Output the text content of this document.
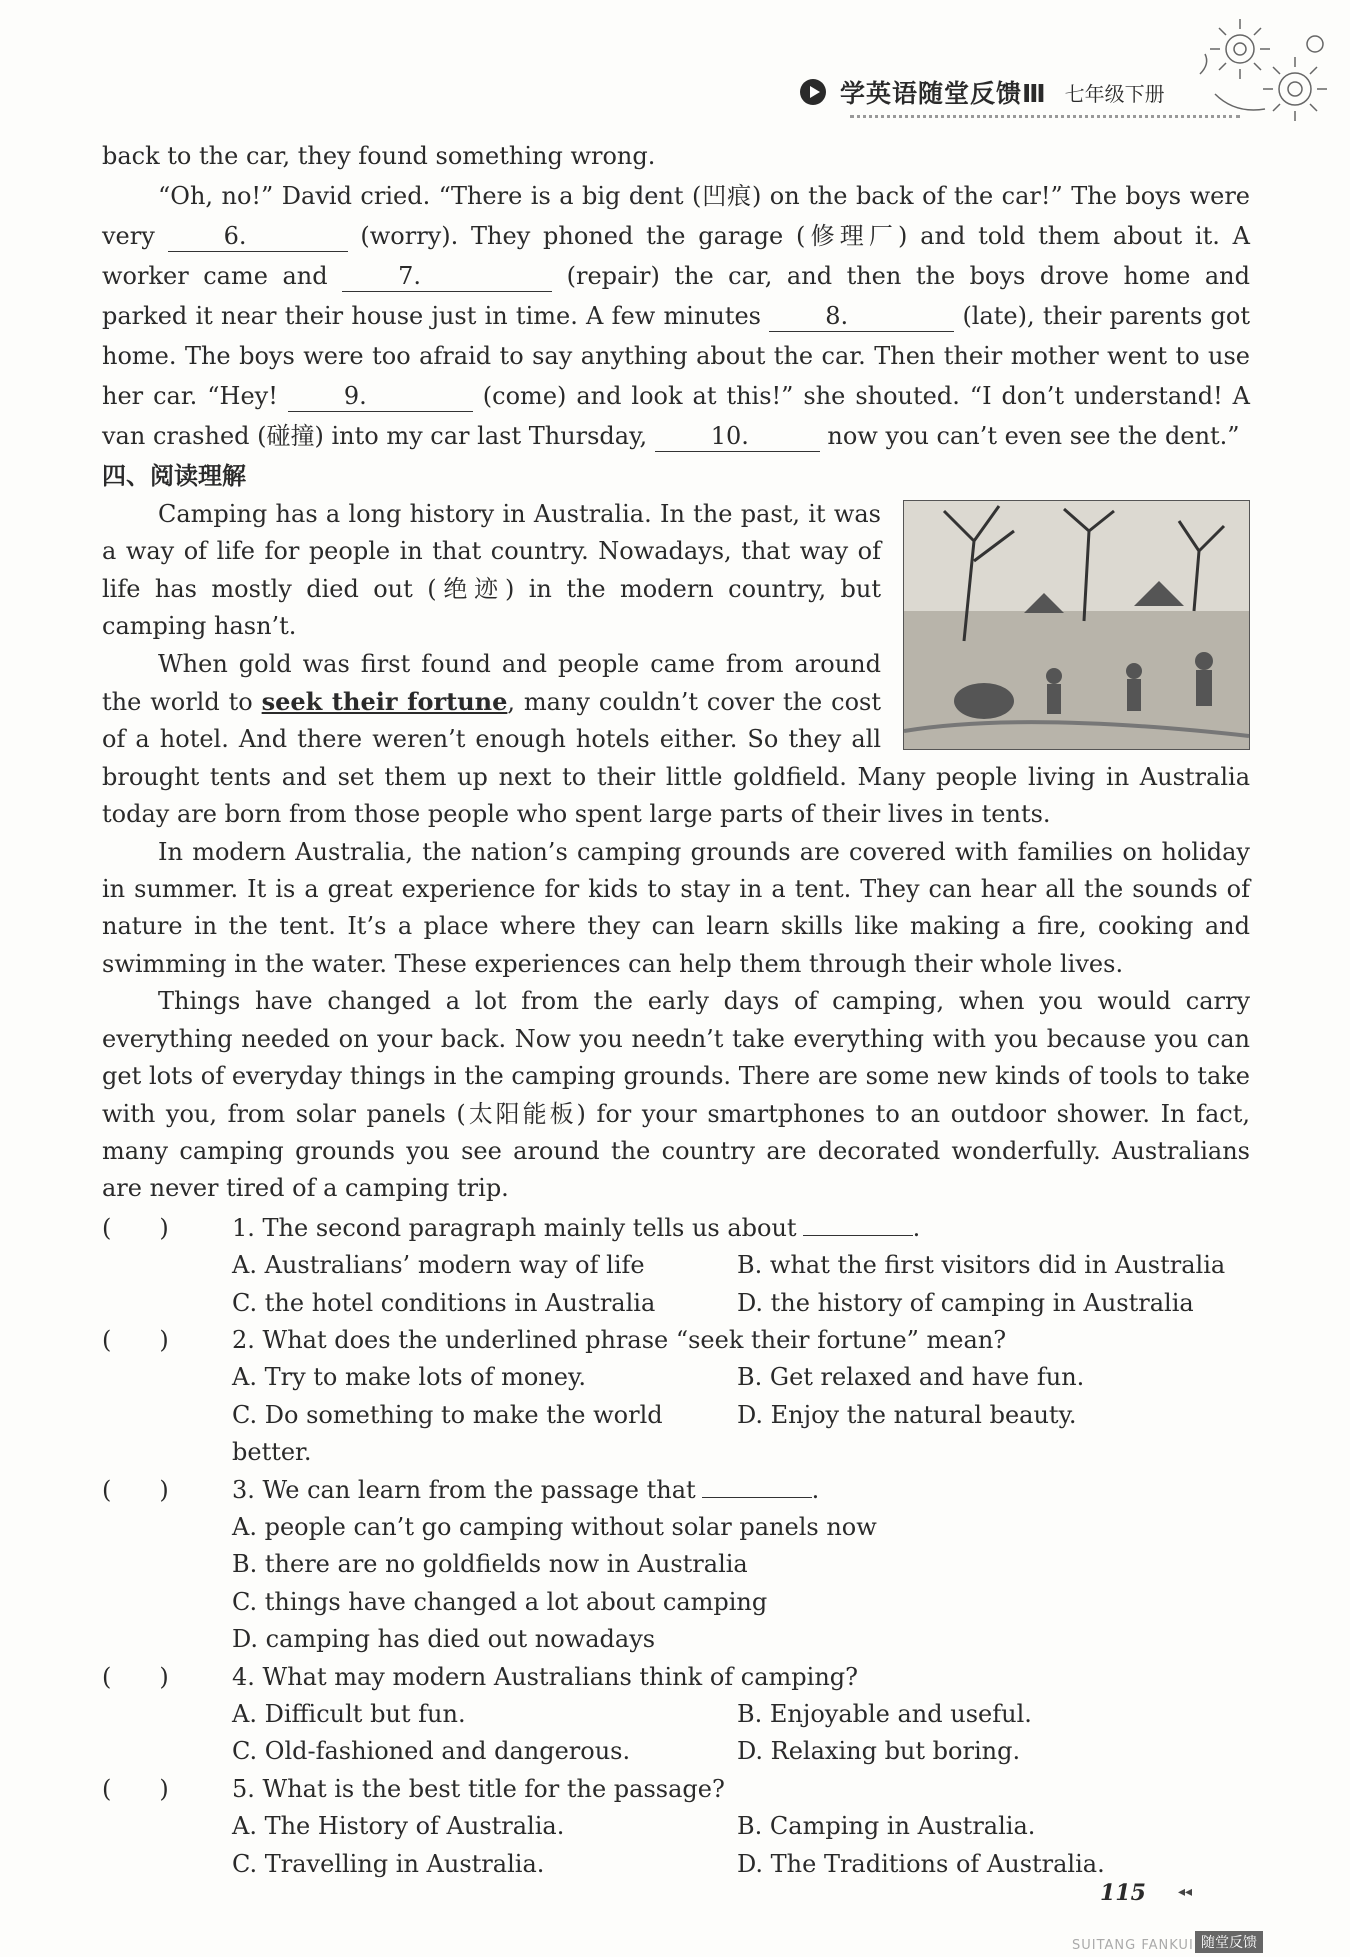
学英语随堂反馈Ⅲ 七年级下册

back to the car, they found something wrong.

“Oh, no!” David cried. “There is a big dent (凹痕) on the back of the car!” The boys were very 6.	(worry). They phoned the garage (修理厂) and told them about it. A worker came and 7.	(repair) the car, and then the boys drove home and parked it near their house just in time. A few minutes 8.	(late), their parents got home. The boys were too afraid to say anything about the car. Then their mother went to use her car. “Hey! 9.	(come) and look at this!” she shouted. “I don’t understand! A van crashed (碰撞) into my car last Thursday, 10.	now you can’t even see the dent.”

四、阅读理解

Camping has a long history in Australia. In the past, it was a way of life for people in that country. Nowadays, that way of life has mostly died out (绝迹) in the modern country, but camping hasn’t.

When gold was first found and people came from around the world to seek their fortune, many couldn’t cover the cost of a hotel. And there weren’t enough hotels either. So they all brought tents and set them up next to their little goldfield. Many people living in Australia today are born from those people who spent large parts of their lives in tents.

In modern Australia, the nation’s camping grounds are covered with families on holiday in summer. It is a great experience for kids to stay in a tent. They can hear all the sounds of nature in the tent. It’s a place where they can learn skills like making a fire, cooking and swimming in the water. These experiences can help them through their whole lives.

Things have changed a lot from the early days of camping, when you would carry everything needed on your back. Now you needn’t take everything with you because you can get lots of everyday things in the camping grounds. There are some new kinds of tools to take with you, from solar panels (太阳能板) for your smartphones to an outdoor shower. In fact, many camping grounds you see around the country are decorated wonderfully. Australians are never tired of a camping trip.

(　　)	1. The second paragraph mainly tells us about	.
A. Australians’ modern way of life	B. what the first visitors did in Australia
C. the hotel conditions in Australia	D. the history of camping in Australia
(　　)	2. What does the underlined phrase “seek their fortune” mean?
A. Try to make lots of money.	B. Get relaxed and have fun.
C. Do something to make the world better.
D. Enjoy the natural beauty.
(　　)	3. We can learn from the passage that	.
A. people can’t go camping without solar panels now
B. there are no goldfields now in Australia
C. things have changed a lot about camping
D. camping has died out nowadays
(　　)	4. What may modern Australians think of camping?
A. Difficult but fun.	B. Enjoyable and useful.
C. Old-fashioned and dangerous.	D. Relaxing but boring.
(　　)	5. What is the best title for the passage?
A. The History of Australia.	B. Camping in Australia.
C. Travelling in Australia.	D. The Traditions of Australia.
115 ◂◂
SUITANG FANKUI 随堂反馈
